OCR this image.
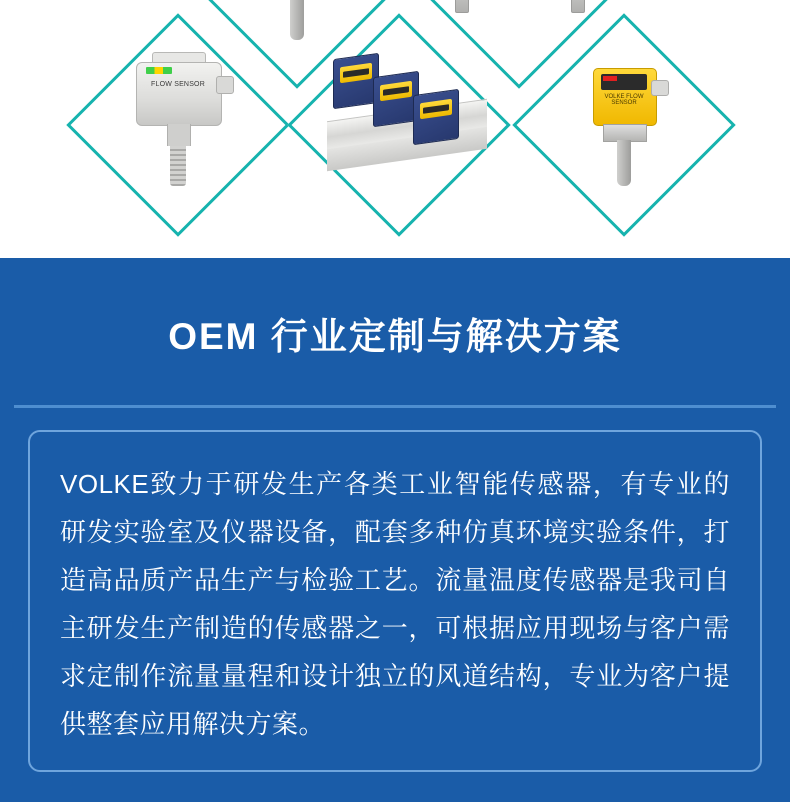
FLOW SENSOR
VOLKE FLOW SENSOR
OEM 行业定制与解决方案
VOLKE致力于研发生产各类工业智能传感器，有专业的研发实验室及仪器设备，配套多种仿真环境实验条件，打造高品质产品生产与检验工艺。流量温度传感器是我司自主研发生产制造的传感器之一，可根据应用现场与客户需求定制作流量量程和设计独立的风道结构，专业为客户提供整套应用解决方案。
